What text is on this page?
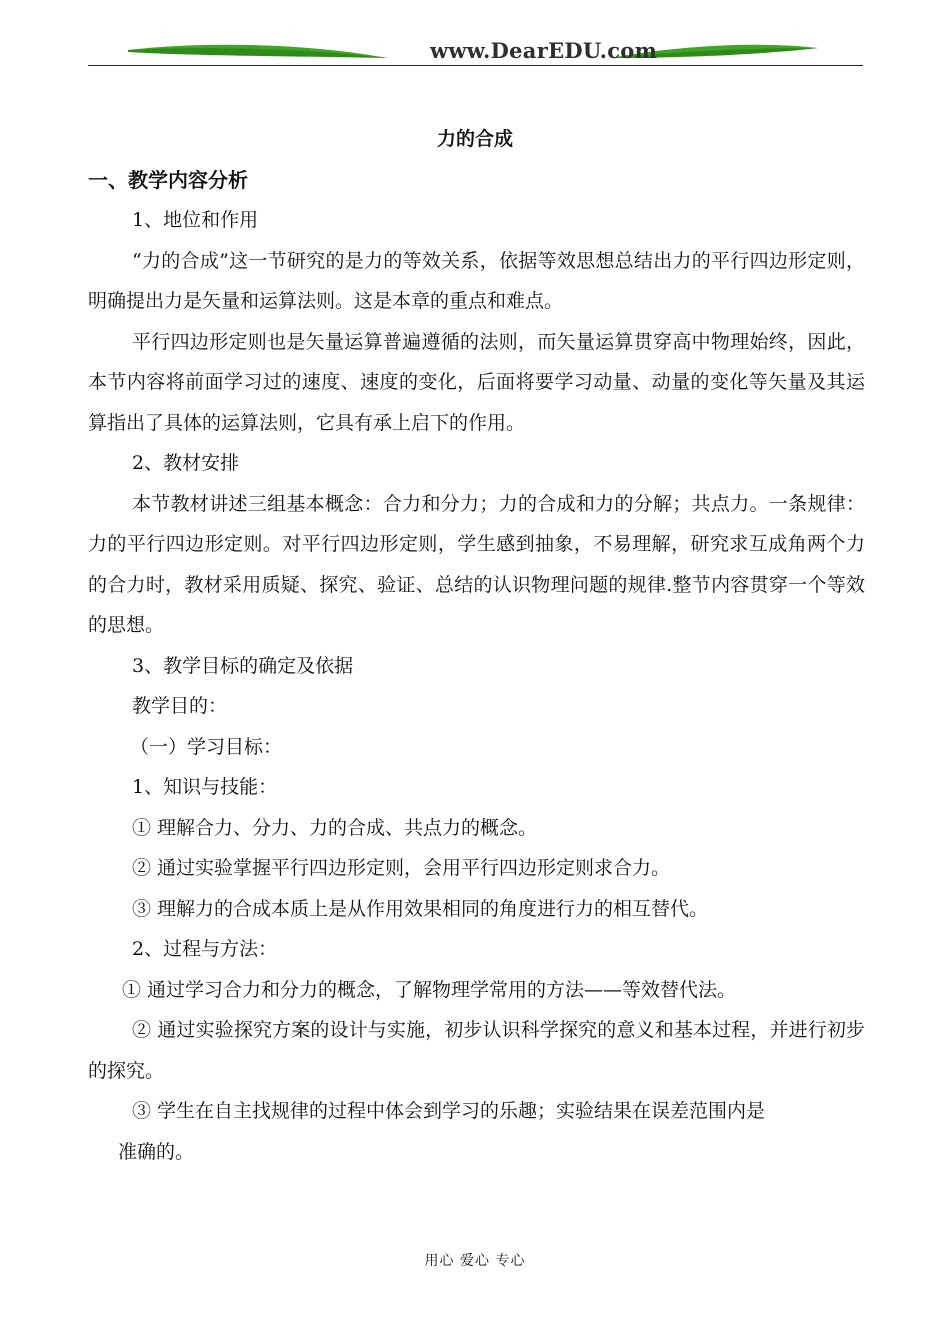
www.DearEDU.com
力的合成
一、教学内容分析

1、地位和作用

“力的合成”这一节研究的是力的等效关系，依据等效思想总结出力的平行四边形定则，明确提出力是矢量和运算法则。这是本章的重点和难点。

平行四边形定则也是矢量运算普遍遵循的法则，而矢量运算贯穿高中物理始终，因此，本节内容将前面学习过的速度、速度的变化，后面将要学习动量、动量的变化等矢量及其运算指出了具体的运算法则，它具有承上启下的作用。

2、教材安排

本节教材讲述三组基本概念：合力和分力；力的合成和力的分解；共点力。一条规律：力的平行四边形定则。对平行四边形定则，学生感到抽象，不易理解，研究求互成角两个力的合力时，教材采用质疑、探究、验证、总结的认识物理问题的规律.整节内容贯穿一个等效的思想。

3、教学目标的确定及依据

教学目的：

（一）学习目标：

1、知识与技能：

① 理解合力、分力、力的合成、共点力的概念。

② 通过实验掌握平行四边形定则，会用平行四边形定则求合力。

③ 理解力的合成本质上是从作用效果相同的角度进行力的相互替代。

2、过程与方法：

① 通过学习合力和分力的概念，了解物理学常用的方法——等效替代法。

② 通过实验探究方案的设计与实施，初步认识科学探究的意义和基本过程，并进行初步的探究。

③ 学生在自主找规律的过程中体会到学习的乐趣；实验结果在误差范围内是

准确的。

用心 爱心 专心
